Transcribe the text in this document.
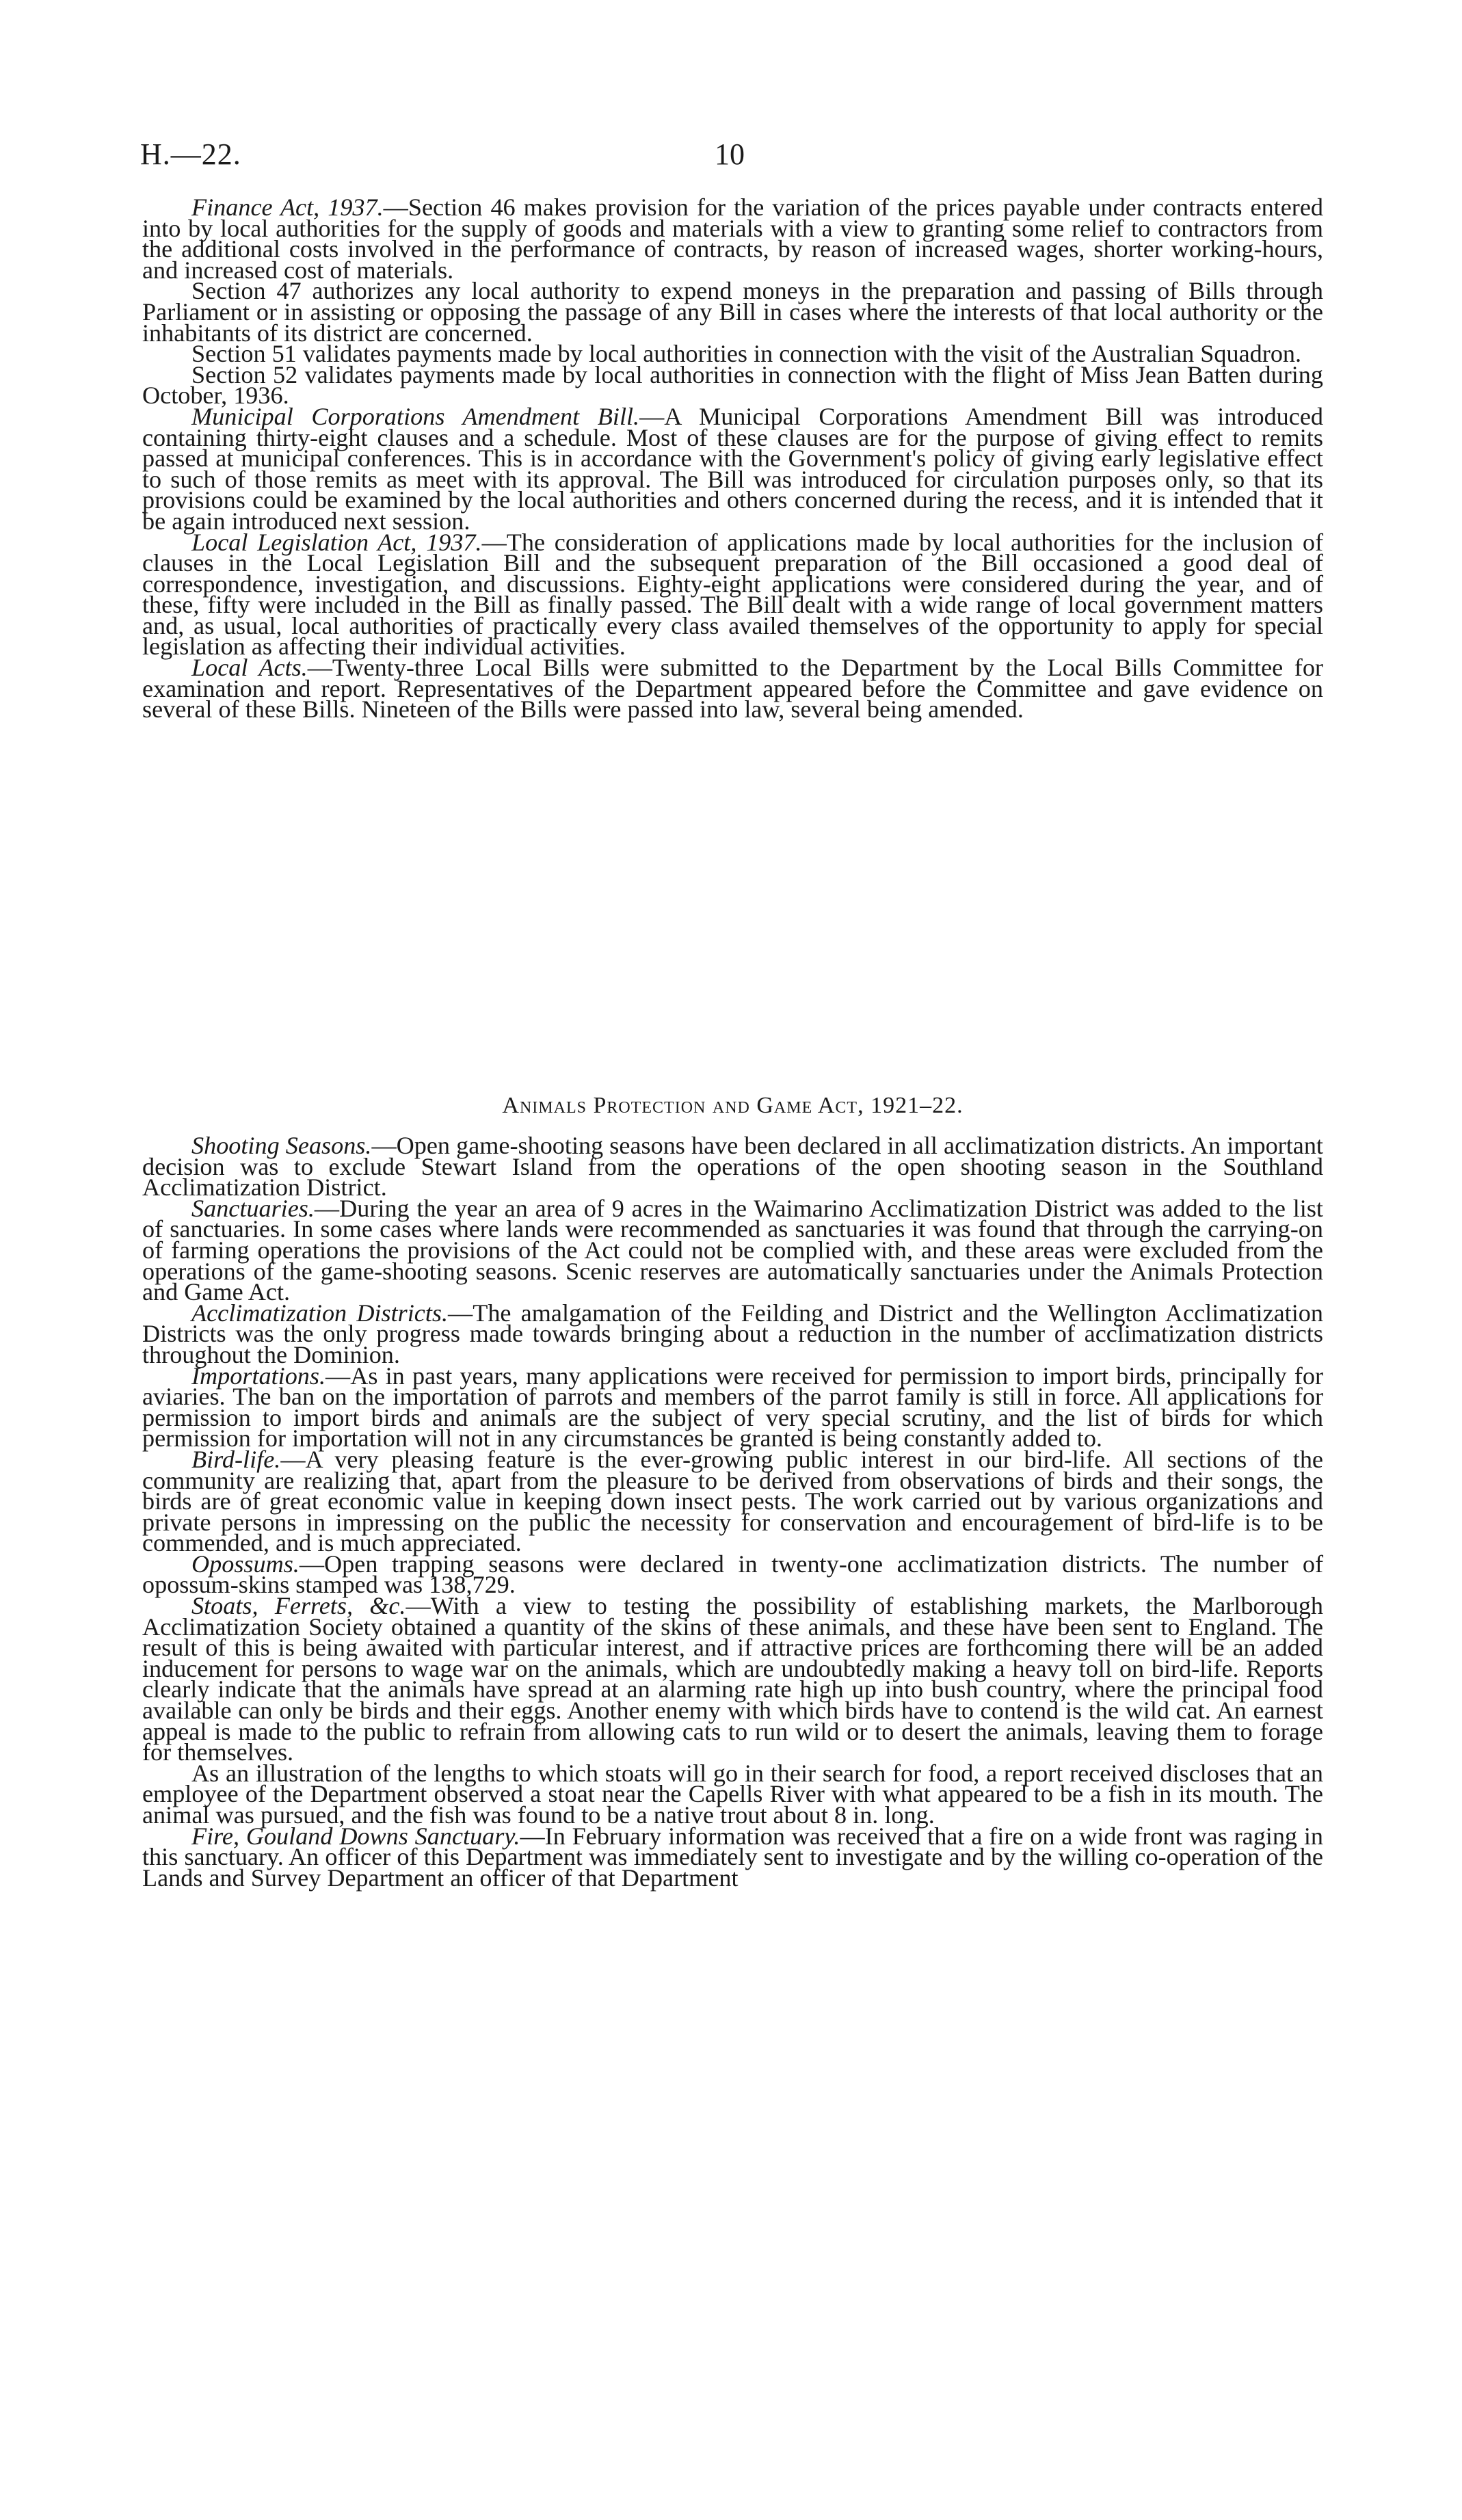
H.—22.	10

Finance Act, 1937.—Section 46 makes provision for the variation of the prices payable under contracts entered into by local authorities for the supply of goods and materials with a view to granting some relief to contractors from the additional costs involved in the performance of contracts, by reason of increased wages, shorter working-hours, and increased cost of materials.

Section 47 authorizes any local authority to expend moneys in the preparation and passing of Bills through Parliament or in assisting or opposing the passage of any Bill in cases where the interests of that local authority or the inhabitants of its district are concerned.

Section 51 validates payments made by local authorities in connection with the visit of the Australian Squadron.

Section 52 validates payments made by local authorities in connection with the flight of Miss Jean Batten during October, 1936.

Municipal Corporations Amendment Bill.—A Municipal Corporations Amendment Bill was introduced containing thirty-eight clauses and a schedule. Most of these clauses are for the purpose of giving effect to remits passed at municipal conferences. This is in accordance with the Government's policy of giving early legislative effect to such of those remits as meet with its approval. The Bill was introduced for circulation purposes only, so that its provisions could be examined by the local authorities and others concerned during the recess, and it is intended that it be again introduced next session.

Local Legislation Act, 1937.—The consideration of applications made by local authorities for the inclusion of clauses in the Local Legislation Bill and the subsequent preparation of the Bill occasioned a good deal of correspondence, investigation, and discussions. Eighty-eight applications were considered during the year, and of these, fifty were included in the Bill as finally passed. The Bill dealt with a wide range of local government matters and, as usual, local authorities of practically every class availed themselves of the opportunity to apply for special legislation as affecting their individual activities.

Local Acts.—Twenty-three Local Bills were submitted to the Department by the Local Bills Committee for examination and report. Representatives of the Department appeared before the Committee and gave evidence on several of these Bills. Nineteen of the Bills were passed into law, several being amended.

Animals Protection and Game Act, 1921–22.

Shooting Seasons.—Open game-shooting seasons have been declared in all acclimatization districts. An important decision was to exclude Stewart Island from the operations of the open shooting season in the Southland Acclimatization District.

Sanctuaries.—During the year an area of 9 acres in the Waimarino Acclimatization District was added to the list of sanctuaries. In some cases where lands were recommended as sanctuaries it was found that through the carrying-on of farming operations the provisions of the Act could not be complied with, and these areas were excluded from the operations of the game-shooting seasons. Scenic reserves are automatically sanctuaries under the Animals Protection and Game Act.

Acclimatization Districts.—The amalgamation of the Feilding and District and the Wellington Acclimatization Districts was the only progress made towards bringing about a reduction in the number of acclimatization districts throughout the Dominion.

Importations.—As in past years, many applications were received for permission to import birds, principally for aviaries. The ban on the importation of parrots and members of the parrot family is still in force. All applications for permission to import birds and animals are the subject of very special scrutiny, and the list of birds for which permission for importation will not in any circumstances be granted is being constantly added to.

Bird-life.—A very pleasing feature is the ever-growing public interest in our bird-life. All sections of the community are realizing that, apart from the pleasure to be derived from observations of birds and their songs, the birds are of great economic value in keeping down insect pests. The work carried out by various organizations and private persons in impressing on the public the necessity for conservation and encouragement of bird-life is to be commended, and is much appreciated.

Opossums.—Open trapping seasons were declared in twenty-one acclimatization districts. The number of opossum-skins stamped was 138,729.

Stoats, Ferrets, &c.—With a view to testing the possibility of establishing markets, the Marlborough Acclimatization Society obtained a quantity of the skins of these animals, and these have been sent to England. The result of this is being awaited with particular interest, and if attractive prices are forthcoming there will be an added inducement for persons to wage war on the animals, which are undoubtedly making a heavy toll on bird-life. Reports clearly indicate that the animals have spread at an alarming rate high up into bush country, where the principal food available can only be birds and their eggs. Another enemy with which birds have to contend is the wild cat. An earnest appeal is made to the public to refrain from allowing cats to run wild or to desert the animals, leaving them to forage for themselves.

As an illustration of the lengths to which stoats will go in their search for food, a report received discloses that an employee of the Department observed a stoat near the Capells River with what appeared to be a fish in its mouth. The animal was pursued, and the fish was found to be a native trout about 8 in. long.

Fire, Gouland Downs Sanctuary.—In February information was received that a fire on a wide front was raging in this sanctuary. An officer of this Department was immediately sent to investigate and by the willing co-operation of the Lands and Survey Department an officer of that Department
